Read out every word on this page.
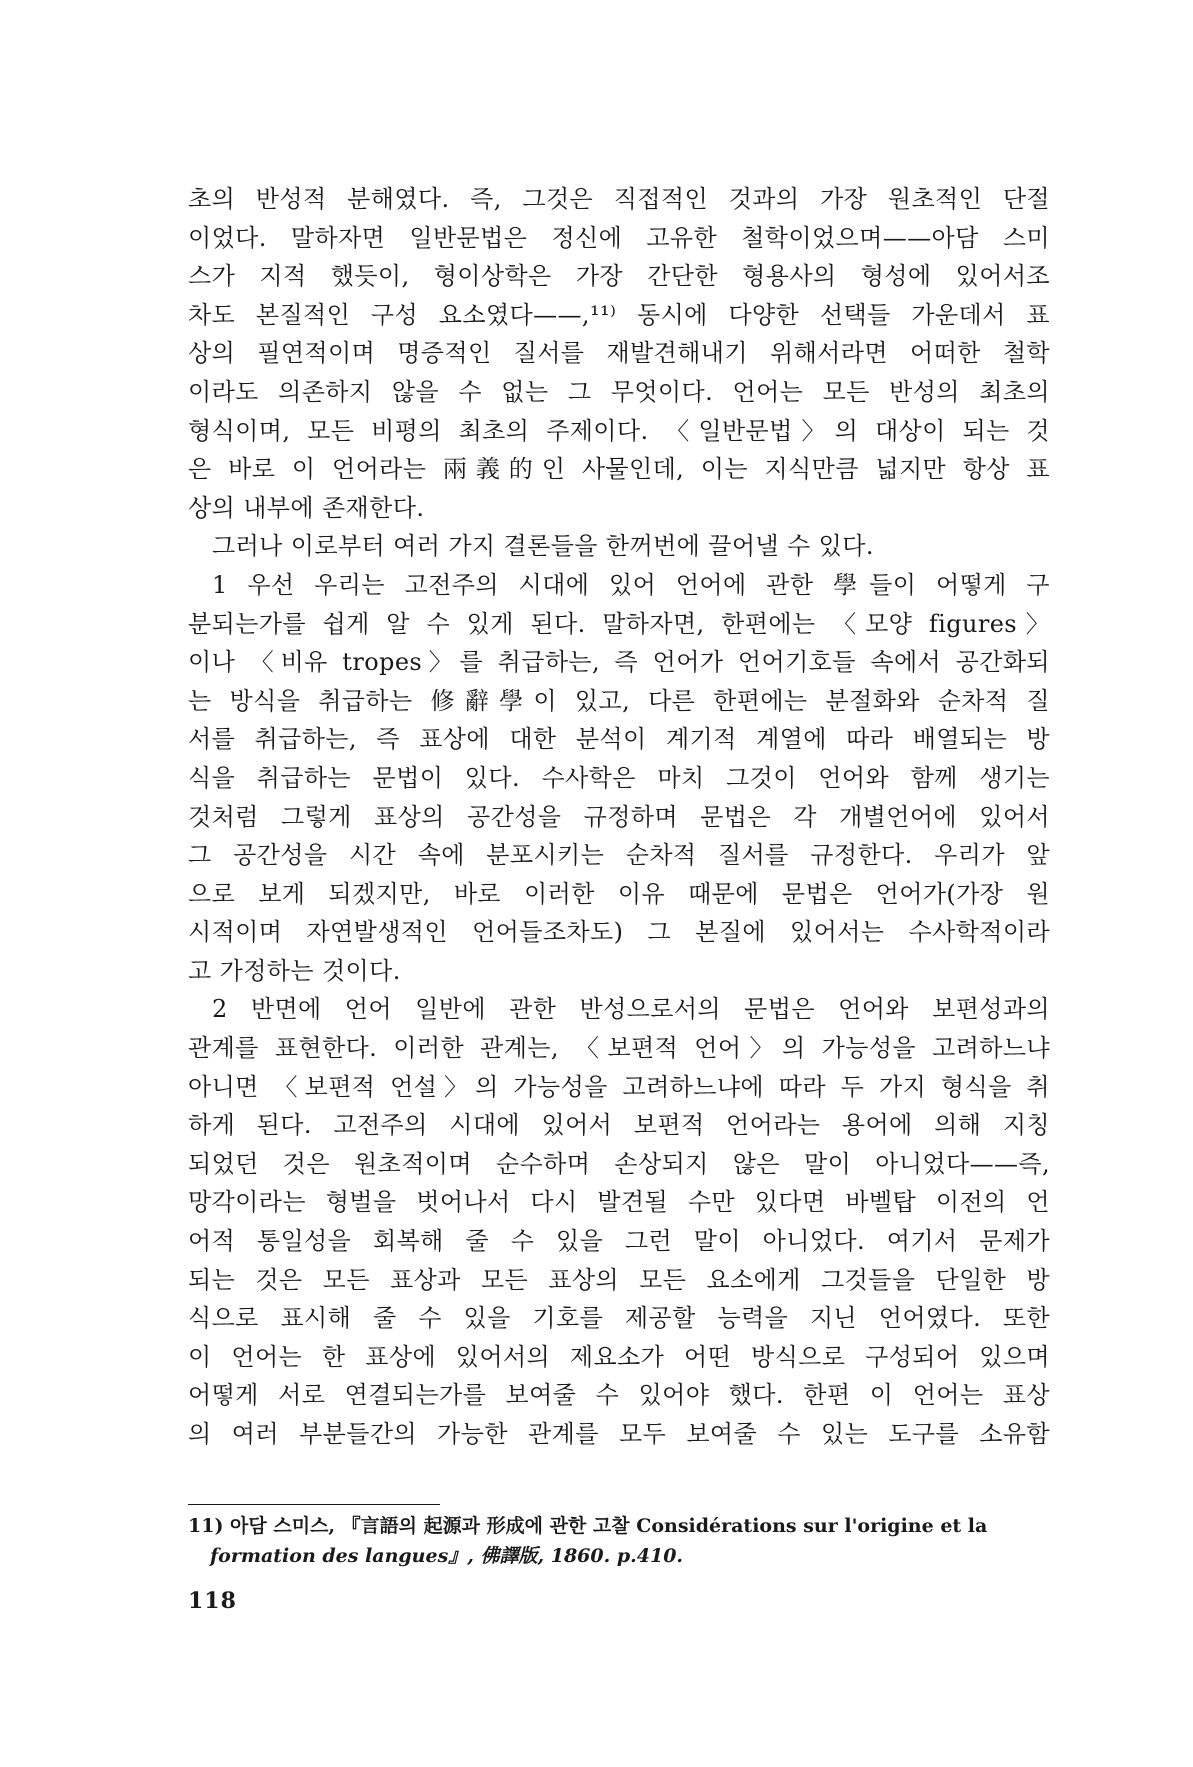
초의 반성적 분해였다. 즉, 그것은 직접적인 것과의 가장 원초적인 단절
이었다. 말하자면 일반문법은 정신에 고유한 철학이었으며——아담 스미
스가 지적 했듯이, 형이상학은 가장 간단한 형용사의 형성에 있어서조
차도 본질적인 구성 요소였다——,¹¹⁾ 동시에 다양한 선택들 가운데서 표
상의 필연적이며 명증적인 질서를 재발견해내기 위해서라면 어떠한 철학
이라도 의존하지 않을 수 없는 그 무엇이다. 언어는 모든 반성의 최초의
형식이며, 모든 비평의 최초의 주제이다. 〈일반문법〉의 대상이 되는 것
은 바로 이 언어라는 兩義的인 사물인데, 이는 지식만큼 넓지만 항상 표
상의 내부에 존재한다.
그러나 이로부터 여러 가지 결론들을 한꺼번에 끌어낼 수 있다.
1 우선 우리는 고전주의 시대에 있어 언어에 관한 學들이 어떻게 구
분되는가를 쉽게 알 수 있게 된다. 말하자면, 한편에는 〈모양 figures〉
이나 〈비유 tropes〉를 취급하는, 즉 언어가 언어기호들 속에서 공간화되
는 방식을 취급하는 修辭學이 있고, 다른 한편에는 분절화와 순차적 질
서를 취급하는, 즉 표상에 대한 분석이 계기적 계열에 따라 배열되는 방
식을 취급하는 문법이 있다. 수사학은 마치 그것이 언어와 함께 생기는
것처럼 그렇게 표상의 공간성을 규정하며 문법은 각 개별언어에 있어서
그 공간성을 시간 속에 분포시키는 순차적 질서를 규정한다. 우리가 앞
으로 보게 되겠지만, 바로 이러한 이유 때문에 문법은 언어가(가장 원
시적이며 자연발생적인 언어들조차도) 그 본질에 있어서는 수사학적이라
고 가정하는 것이다.
2 반면에 언어 일반에 관한 반성으로서의 문법은 언어와 보편성과의
관계를 표현한다. 이러한 관계는, 〈보편적 언어〉의 가능성을 고려하느냐
아니면 〈보편적 언설〉의 가능성을 고려하느냐에 따라 두 가지 형식을 취
하게 된다. 고전주의 시대에 있어서 보편적 언어라는 용어에 의해 지칭
되었던 것은 원초적이며 순수하며 손상되지 않은 말이 아니었다——즉,
망각이라는 형벌을 벗어나서 다시 발견될 수만 있다면 바벨탑 이전의 언
어적 통일성을 회복해 줄 수 있을 그런 말이 아니었다. 여기서 문제가
되는 것은 모든 표상과 모든 표상의 모든 요소에게 그것들을 단일한 방
식으로 표시해 줄 수 있을 기호를 제공할 능력을 지닌 언어였다. 또한
이 언어는 한 표상에 있어서의 제요소가 어떤 방식으로 구성되어 있으며
어떻게 서로 연결되는가를 보여줄 수 있어야 했다. 한편 이 언어는 표상
의 여러 부분들간의 가능한 관계를 모두 보여줄 수 있는 도구를 소유함
11) 아담 스미스, 『言語의 起源과 形成에 관한 고찰 Considérations sur l'origine et la
formation des langues』, 佛譯版, 1860. p.410.
118
